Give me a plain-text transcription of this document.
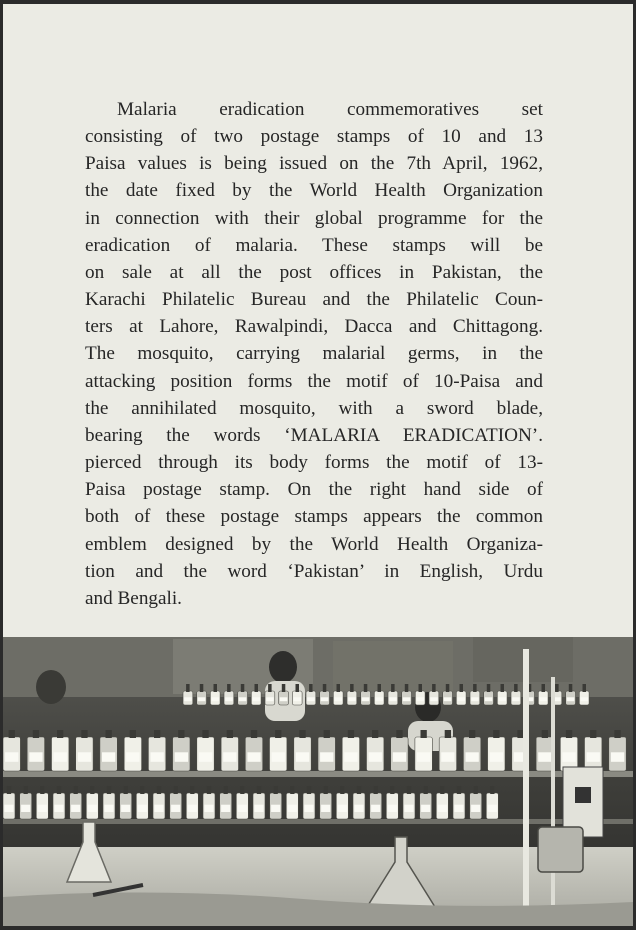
Malaria eradication commemoratives set
consisting of two postage stamps of 10 and 13
Paisa values is being issued on the 7th April, 1962,
the date fixed by the World Health Organization
in connection with their global programme for the
eradication of malaria. These stamps will be
on sale at all the post offices in Pakistan, the
Karachi Philatelic Bureau and the Philatelic Coun-
ters at Lahore, Rawalpindi, Dacca and Chittagong.
The mosquito, carrying malarial germs, in the
attacking position forms the motif of 10-Paisa and
the annihilated mosquito, with a sword blade,
bearing the words ‘MALARIA ERADICATION’.
pierced through its body forms the motif of 13-
Paisa postage stamp. On the right hand side of
both of these postage stamps appears the common
emblem designed by the World Health Organiza-
tion and the word ‘Pakistan’ in English, Urdu
and Bengali.
